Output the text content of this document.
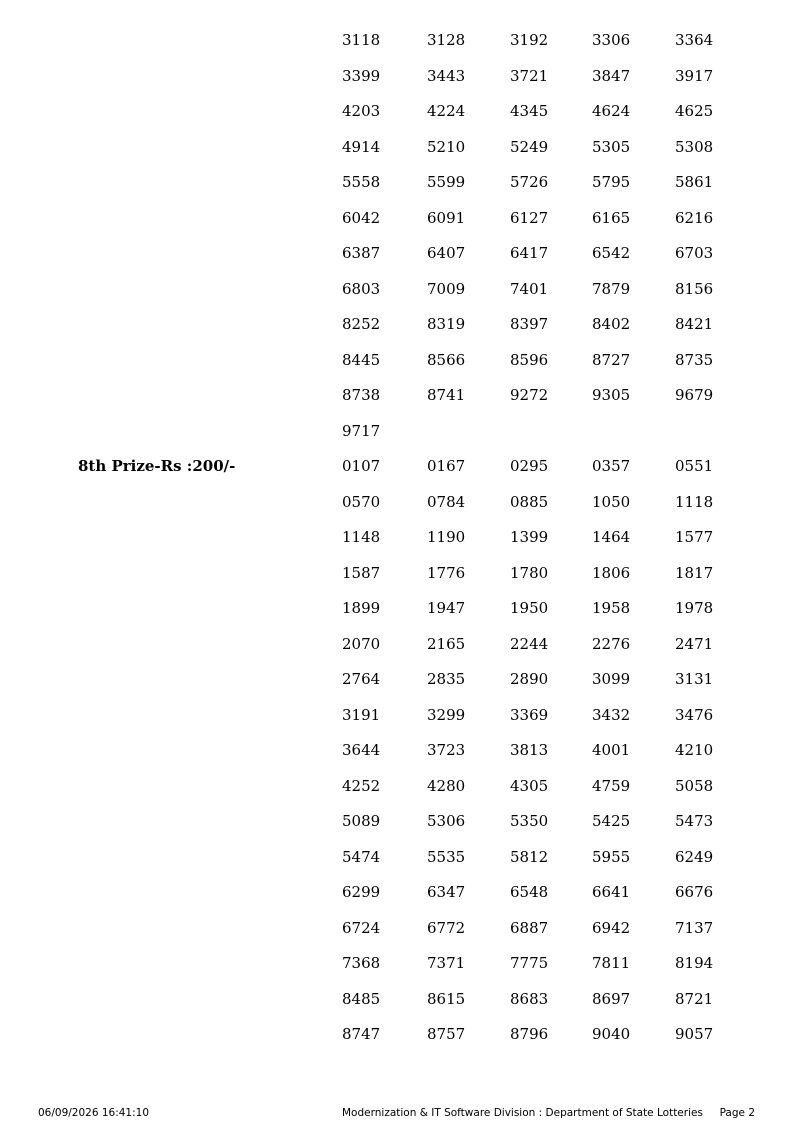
3118	3128	3192	3306	3364
3399	3443	3721	3847	3917
4203	4224	4345	4624	4625
4914	5210	5249	5305	5308
5558	5599	5726	5795	5861
6042	6091	6127	6165	6216
6387	6407	6417	6542	6703
6803	7009	7401	7879	8156
8252	8319	8397	8402	8421
8445	8566	8596	8727	8735
8738	8741	9272	9305	9679
9717
8th Prize-Rs :200/-	0107	0167	0295	0357	0551
0570	0784	0885	1050	1118
1148	1190	1399	1464	1577
1587	1776	1780	1806	1817
1899	1947	1950	1958	1978
2070	2165	2244	2276	2471
2764	2835	2890	3099	3131
3191	3299	3369	3432	3476
3644	3723	3813	4001	4210
4252	4280	4305	4759	5058
5089	5306	5350	5425	5473
5474	5535	5812	5955	6249
6299	6347	6548	6641	6676
6724	6772	6887	6942	7137
7368	7371	7775	7811	8194
8485	8615	8683	8697	8721
8747	8757	8796	9040	9057
06/09/2026 16:41:10	Modernization & IT Software Division : Department of State Lotteries Page 2
